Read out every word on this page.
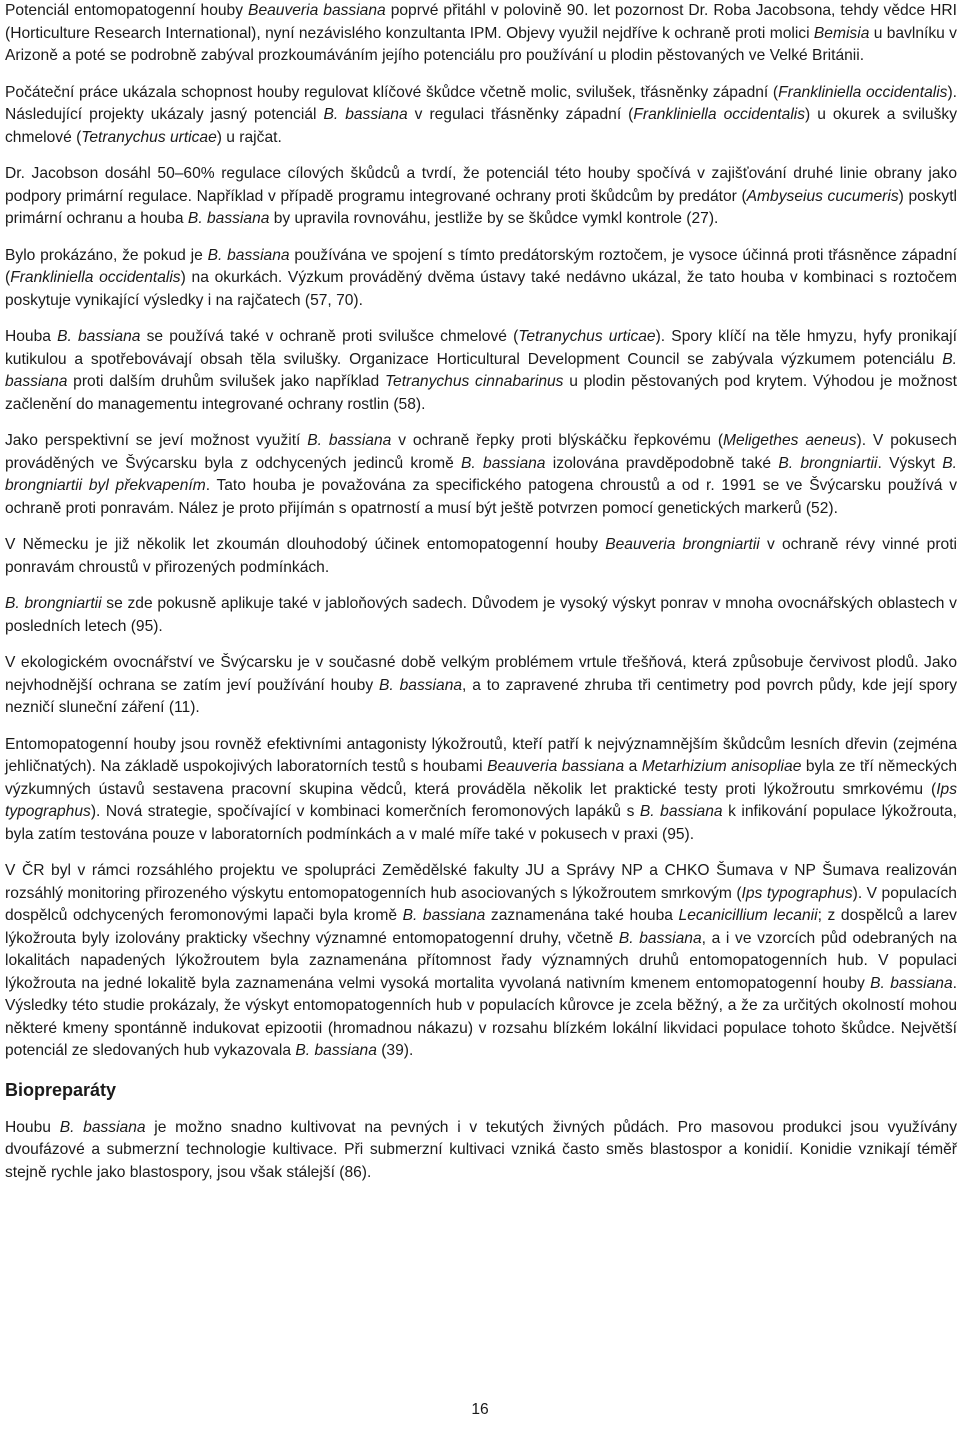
Potenciál entomopatogenní houby Beauveria bassiana poprvé přitáhl v polovině 90. let pozornost Dr. Roba Jacobsona, tehdy vědce HRI (Horticulture Research International), nyní nezávislého konzultanta IPM. Objevy využil nejdříve k ochraně proti molici Bemisia u bavlníku v Arizoně a poté se podrobně zabýval prozkoumáváním jejího potenciálu pro používání u plodin pěstovaných ve Velké Británii.

Počáteční práce ukázala schopnost houby regulovat klíčové škůdce včetně molic, svilušek, třásněnky západní (Frankliniella occidentalis). Následující projekty ukázaly jasný potenciál B. bassiana v regulaci třásněnky západní (Frankliniella occidentalis) u okurek a svilušky chmelové (Tetranychus urticae) u rajčat.

Dr. Jacobson dosáhl 50–60% regulace cílových škůdců a tvrdí, že potenciál této houby spočívá v zajišťování druhé linie obrany jako podpory primární regulace. Například v případě programu integrované ochrany proti škůdcům by predátor (Ambyseius cucumeris) poskytl primární ochranu a houba B. bassiana by upravila rovnováhu, jestliže by se škůdce vymkl kontrole (27).

Bylo prokázáno, že pokud je B. bassiana používána ve spojení s tímto predátorským roztočem, je vysoce účinná proti třásněnce západní (Frankliniella occidentalis) na okurkách. Výzkum prováděný dvěma ústavy také nedávno ukázal, že tato houba v kombinaci s roztočem poskytuje vynikající výsledky i na rajčatech (57, 70).

Houba B. bassiana se používá také v ochraně proti svilušce chmelové (Tetranychus urticae). Spory klíčí na těle hmyzu, hyfy pronikají kutikulou a spotřebovávají obsah těla svilušky. Organizace Horticultural Development Council se zabývala výzkumem potenciálu B. bassiana proti dalším druhům svilušek jako například Tetranychus cinnabarinus u plodin pěstovaných pod krytem. Výhodou je možnost začlenění do managementu integrované ochrany rostlin (58).

Jako perspektivní se jeví možnost využití B. bassiana v ochraně řepky proti blýskáčku řepkovému (Meligethes aeneus). V pokusech prováděných ve Švýcarsku byla z odchycených jedinců kromě B. bassiana izolována pravděpodobně také B. brongniartii. Výskyt B. brongniartii byl překvapením. Tato houba je považována za specifického patogena chroustů a od r. 1991 se ve Švýcarsku používá v ochraně proti ponravám. Nález je proto přijímán s opatrností a musí být ještě potvrzen pomocí genetických markerů (52).

V Německu je již několik let zkoumán dlouhodobý účinek entomopatogenní houby Beauveria brongniartii v ochraně révy vinné proti ponravám chroustů v přirozených podmínkách.

B. brongniartii se zde pokusně aplikuje také v jabloňových sadech. Důvodem je vysoký výskyt ponrav v mnoha ovocnářských oblastech v posledních letech (95).

V ekologickém ovocnářství ve Švýcarsku je v současné době velkým problémem vrtule třešňová, která způsobuje červivost plodů. Jako nejvhodnější ochrana se zatím jeví používání houby B. bassiana, a to zapravené zhruba tři centimetry pod povrch půdy, kde její spory nezničí sluneční záření (11).

Entomopatogenní houby jsou rovněž efektivními antagonisty lýkožroutů, kteří patří k nejvýznamnějším škůdcům lesních dřevin (zejména jehličnatých). Na základě uspokojivých laboratorních testů s houbami Beauveria bassiana a Metarhizium anisopliae byla ze tří německých výzkumných ústavů sestavena pracovní skupina vědců, která prováděla několik let praktické testy proti lýkožroutu smrkovému (Ips typographus). Nová strategie, spočívající v kombinaci komerčních feromonových lapáků s B. bassiana k infikování populace lýkožrouta, byla zatím testována pouze v laboratorních podmínkách a v malé míře také v pokusech v praxi (95).

V ČR byl v rámci rozsáhlého projektu ve spolupráci Zemědělské fakulty JU a Správy NP a CHKO Šumava v NP Šumava realizován rozsáhlý monitoring přirozeného výskytu entomopatogenních hub asociovaných s lýkožroutem smrkovým (Ips typographus). V populacích dospělců odchycených feromonovými lapači byla kromě B. bassiana zaznamenána také houba Lecanicillium lecanii; z dospělců a larev lýkožrouta byly izolovány prakticky všechny významné entomopatogenní druhy, včetně B. bassiana, a i ve vzorcích půd odebraných na lokalitách napadených lýkožroutem byla zaznamenána přítomnost řady významných druhů entomopatogenních hub. V populaci lýkožrouta na jedné lokalitě byla zaznamenána velmi vysoká mortalita vyvolaná nativním kmenem entomopatogenní houby B. bassiana. Výsledky této studie prokázaly, že výskyt entomopatogenních hub v populacích kůrovce je zcela běžný, a že za určitých okolností mohou některé kmeny spontánně indukovat epizootii (hromadnou nákazu) v rozsahu blízkém lokální likvidaci populace tohoto škůdce. Největší potenciál ze sledovaných hub vykazovala B. bassiana (39).

Biopreparáty

Houbu B. bassiana je možno snadno kultivovat na pevných i v tekutých živných půdách. Pro masovou produkci jsou využívány dvoufázové a submerzní technologie kultivace. Při submerzní kultivaci vzniká často směs blastospor a konidií. Konidie vznikají téměř stejně rychle jako blastospory, jsou však stálejší (86).

16
